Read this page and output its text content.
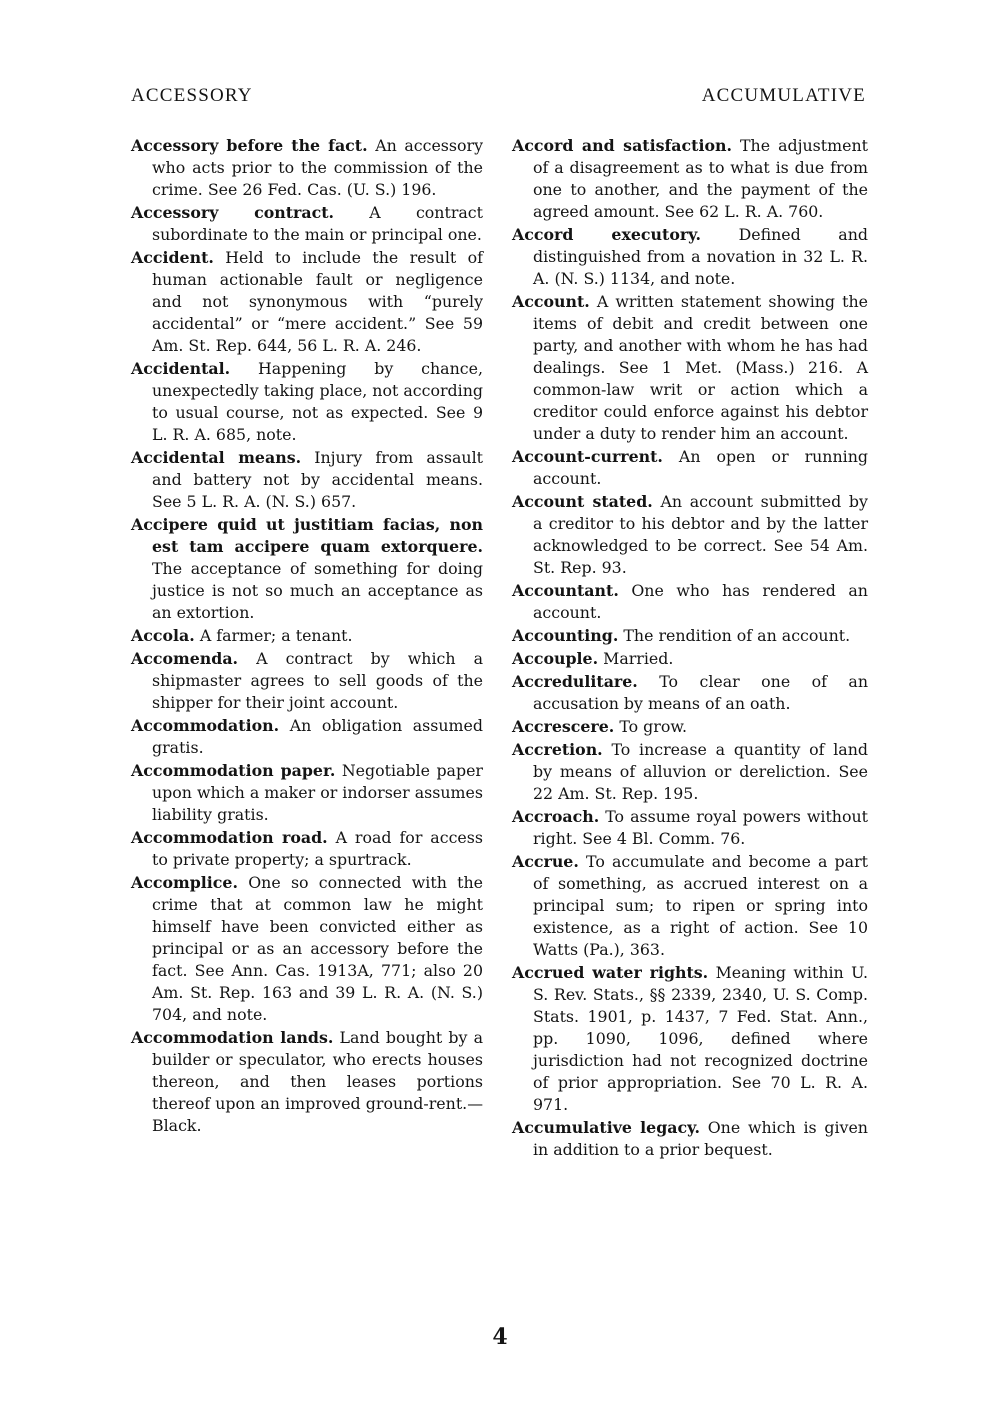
ACCESSORY	ACCUMULATIVE

Accessory before the fact. An accessory who acts prior to the commission of the crime. See 26 Fed. Cas. (U. S.) 196.

Accessory contract. A contract subordinate to the main or principal one.

Accident. Held to include the result of human actionable fault or negligence and not synonymous with “purely accidental” or “mere accident.” See 59 Am. St. Rep. 644, 56 L. R. A. 246.

Accidental. Happening by chance, unexpectedly taking place, not according to usual course, not as expected. See 9 L. R. A. 685, note.

Accidental means. Injury from assault and battery not by accidental means. See 5 L. R. A. (N. S.) 657.

Accipere quid ut justitiam facias, non est tam accipere quam extorquere. The acceptance of something for doing justice is not so much an acceptance as an extortion.

Accola. A farmer; a tenant.

Accomenda. A contract by which a shipmaster agrees to sell goods of the shipper for their joint account.

Accommodation. An obligation assumed gratis.

Accommodation paper. Negotiable paper upon which a maker or indorser assumes liability gratis.

Accommodation road. A road for access to private property; a spurtrack.

Accomplice. One so connected with the crime that at common law he might himself have been convicted either as principal or as an accessory before the fact. See Ann. Cas. 1913A, 771; also 20 Am. St. Rep. 163 and 39 L. R. A. (N. S.) 704, and note.

Accommodation lands. Land bought by a builder or speculator, who erects houses thereon, and then leases portions thereof upon an improved ground-rent.—Black.

Accord and satisfaction. The adjustment of a disagreement as to what is due from one to another, and the payment of the agreed amount. See 62 L. R. A. 760.

Accord executory. Defined and distinguished from a novation in 32 L. R. A. (N. S.) 1134, and note.

Account. A written statement showing the items of debit and credit between one party, and another with whom he has had dealings. See 1 Met. (Mass.) 216. A common-law writ or action which a creditor could enforce against his debtor under a duty to render him an account.

Account-current. An open or running account.

Account stated. An account submitted by a creditor to his debtor and by the latter acknowledged to be correct. See 54 Am. St. Rep. 93.

Accountant. One who has rendered an account.

Accounting. The rendition of an account.

Accouple. Married.

Accredulitare. To clear one of an accusation by means of an oath.

Accrescere. To grow.

Accretion. To increase a quantity of land by means of alluvion or dereliction. See 22 Am. St. Rep. 195.

Accroach. To assume royal powers without right. See 4 Bl. Comm. 76.

Accrue. To accumulate and become a part of something, as accrued interest on a principal sum; to ripen or spring into existence, as a right of action. See 10 Watts (Pa.), 363.

Accrued water rights. Meaning within U. S. Rev. Stats., §§ 2339, 2340, U. S. Comp. Stats. 1901, p. 1437, 7 Fed. Stat. Ann., pp. 1090, 1096, defined where jurisdiction had not recognized doctrine of prior appropriation. See 70 L. R. A. 971.

Accumulative legacy. One which is given in addition to a prior bequest.

4
